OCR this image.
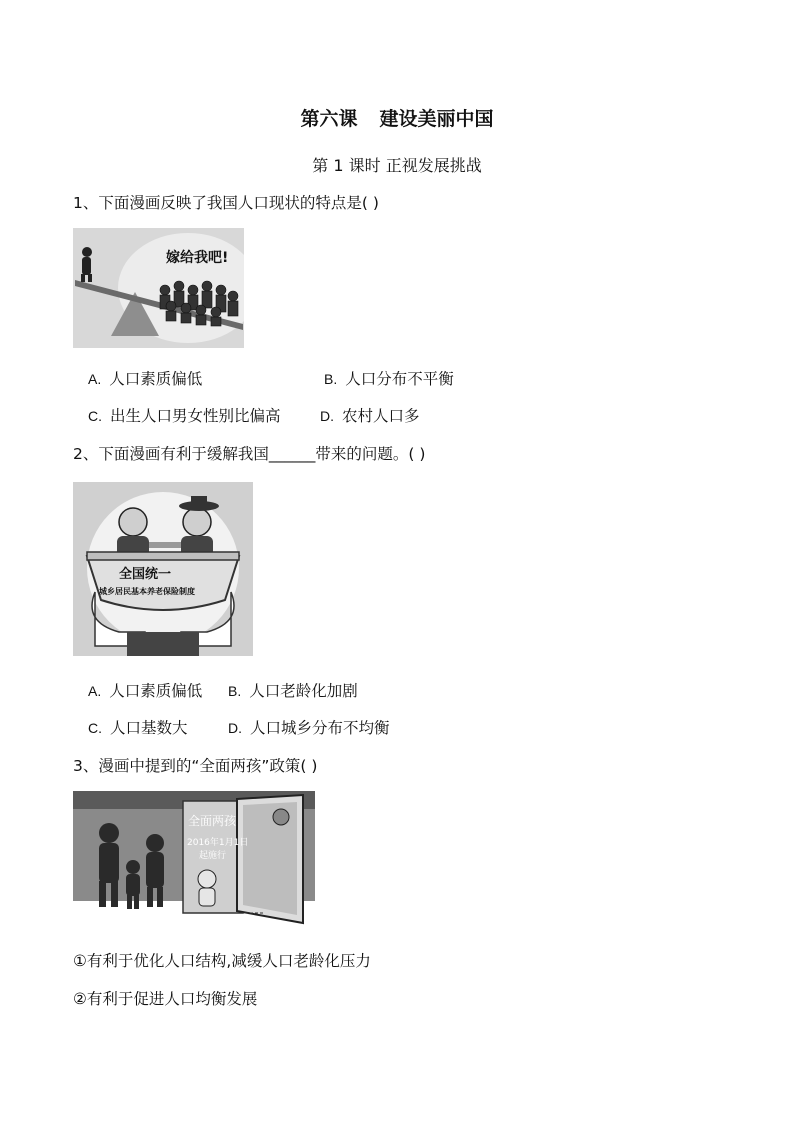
第六课 建设美丽中国
第 1 课时 正视发展挑战
1、下面漫画反映了我国人口现状的特点是( )
嫁给我吧!
A. 人口素质偏低	B. 人口分布不平衡
C. 出生人口男女性别比偏高	D. 农村人口多
2、下面漫画有利于缓解我国______带来的问题。( )
全国统一
城乡居民基本养老保险制度
A. 人口素质偏低 B. 人口老龄化加剧
C. 人口基数大	D. 人口城乡分布不均衡
3、漫画中提到的“全面两孩”政策( )
全面两孩
2016年1月1日
起施行
①有利于优化人口结构,减缓人口老龄化压力
②有利于促进人口均衡发展
